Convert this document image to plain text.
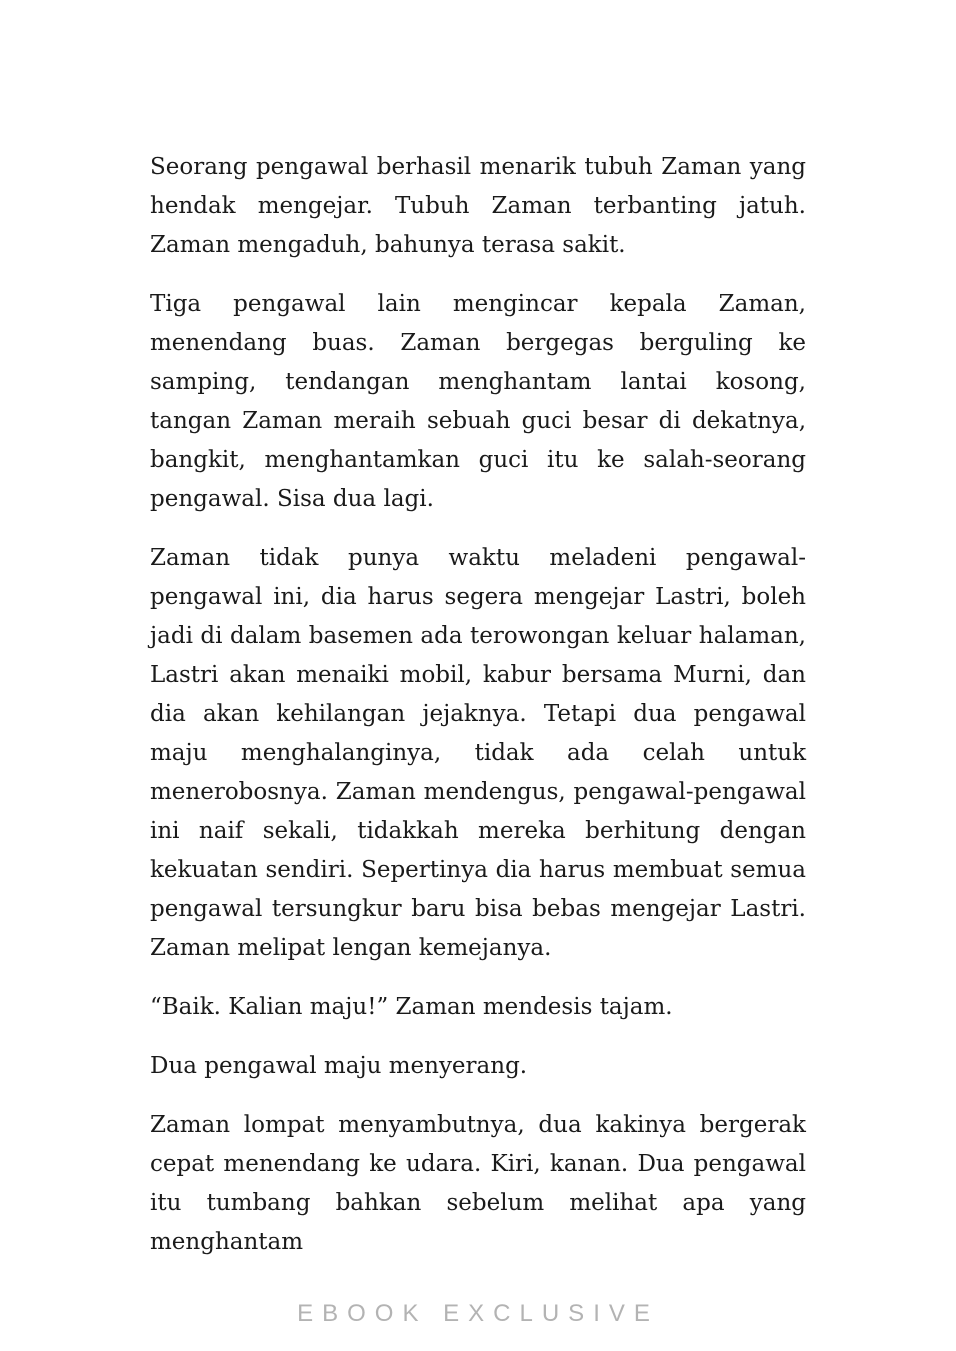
Seorang pengawal berhasil menarik tubuh Zaman yang hendak mengejar. Tubuh Zaman terbanting jatuh. Zaman mengaduh, bahunya terasa sakit.

Tiga pengawal lain mengincar kepala Zaman, menendang buas. Zaman bergegas berguling ke samping, tendangan menghantam lantai kosong, tangan Zaman meraih sebuah guci besar di dekatnya, bangkit, menghantamkan guci itu ke salah-seorang pengawal. Sisa dua lagi.

Zaman tidak punya waktu meladeni pengawal-pengawal ini, dia harus segera mengejar Lastri, boleh jadi di dalam basemen ada terowongan keluar halaman, Lastri akan menaiki mobil, kabur bersama Murni, dan dia akan kehilangan jejaknya. Tetapi dua pengawal maju menghalanginya, tidak ada celah untuk menerobosnya. Zaman mendengus, pengawal-pengawal ini naif sekali, tidakkah mereka berhitung dengan kekuatan sendiri. Sepertinya dia harus membuat semua pengawal tersungkur baru bisa bebas mengejar Lastri. Zaman melipat lengan kemejanya.

“Baik. Kalian maju!” Zaman mendesis tajam.

Dua pengawal maju menyerang.

Zaman lompat menyambutnya, dua kakinya bergerak cepat menendang ke udara. Kiri, kanan. Dua pengawal itu tumbang bahkan sebelum melihat apa yang menghantam

EBOOK EXCLUSIVE
